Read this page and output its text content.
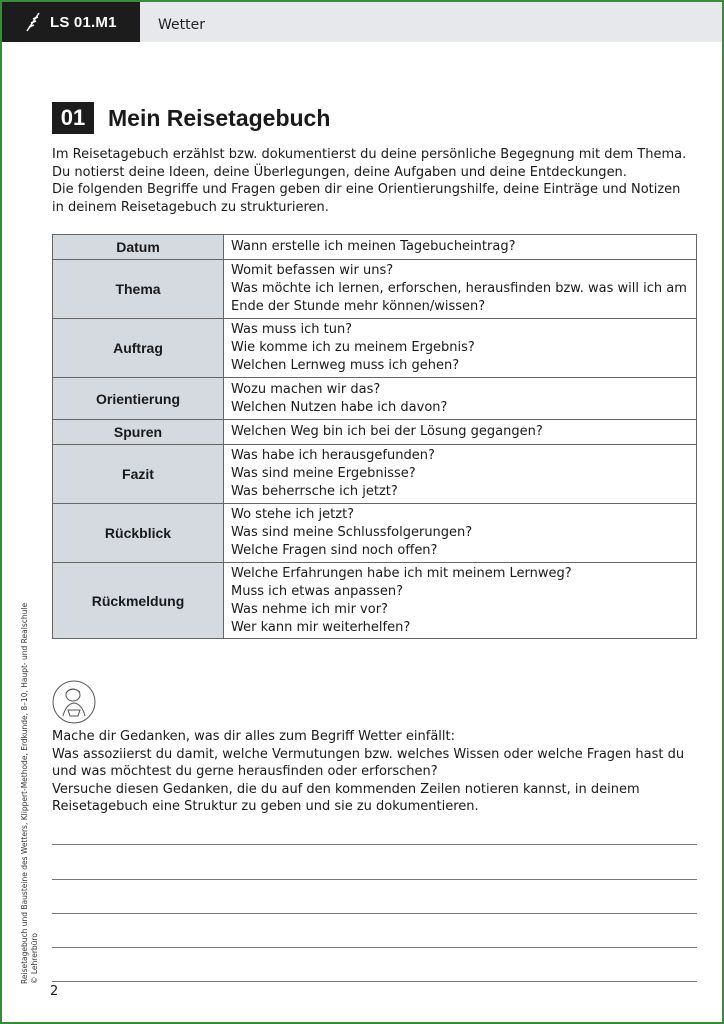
LS 01.M1	Wetter
01 Mein Reisetagebuch

Im Reisetagebuch erzählst bzw. dokumentierst du deine persönliche Begegnung mit dem Thema. Du notierst deine Ideen, deine Überlegungen, deine Aufgaben und deine Entdeckungen.

Die folgenden Begriffe und Fragen geben dir eine Orientierungshilfe, deine Einträge und Notizen in deinem Reisetagebuch zu strukturieren.

Datum	Wann erstelle ich meinen Tagebucheintrag?

Thema	Womit befassen wir uns?
Was möchte ich lernen, erforschen, herausfinden bzw. was will ich am
Ende der Stunde mehr können/wissen?

Auftrag	Was muss ich tun?
Wie komme ich zu meinem Ergebnis?
Welchen Lernweg muss ich gehen?

Orientierung	Wozu machen wir das?
Welchen Nutzen habe ich davon?

Spuren	Welchen Weg bin ich bei der Lösung gegangen?

Fazit	Was habe ich herausgefunden?
Was sind meine Ergebnisse?
Was beherrsche ich jetzt?

Rückblick	Wo stehe ich jetzt?
Was sind meine Schlussfolgerungen?
Welche Fragen sind noch offen?

Rückmeldung	Welche Erfahrungen habe ich mit meinem Lernweg?
Muss ich etwas anpassen?
Was nehme ich mir vor?
Wer kann mir weiterhelfen?

Mache dir Gedanken, was dir alles zum Begriff Wetter einfällt:

Was assoziierst du damit, welche Vermutungen bzw. welches Wissen oder welche Fragen hast du und was möchtest du gerne herausfinden oder erforschen?

Versuche diesen Gedanken, die du auf den kommenden Zeilen notieren kannst, in deinem Reisetagebuch eine Struktur zu geben und sie zu dokumentieren.

Reisetagebuch und Bausteine des Wetters, Klippert-Methode, Erdkunde, 8–10, Haupt- und Realschule © Lehrerbüro
2
